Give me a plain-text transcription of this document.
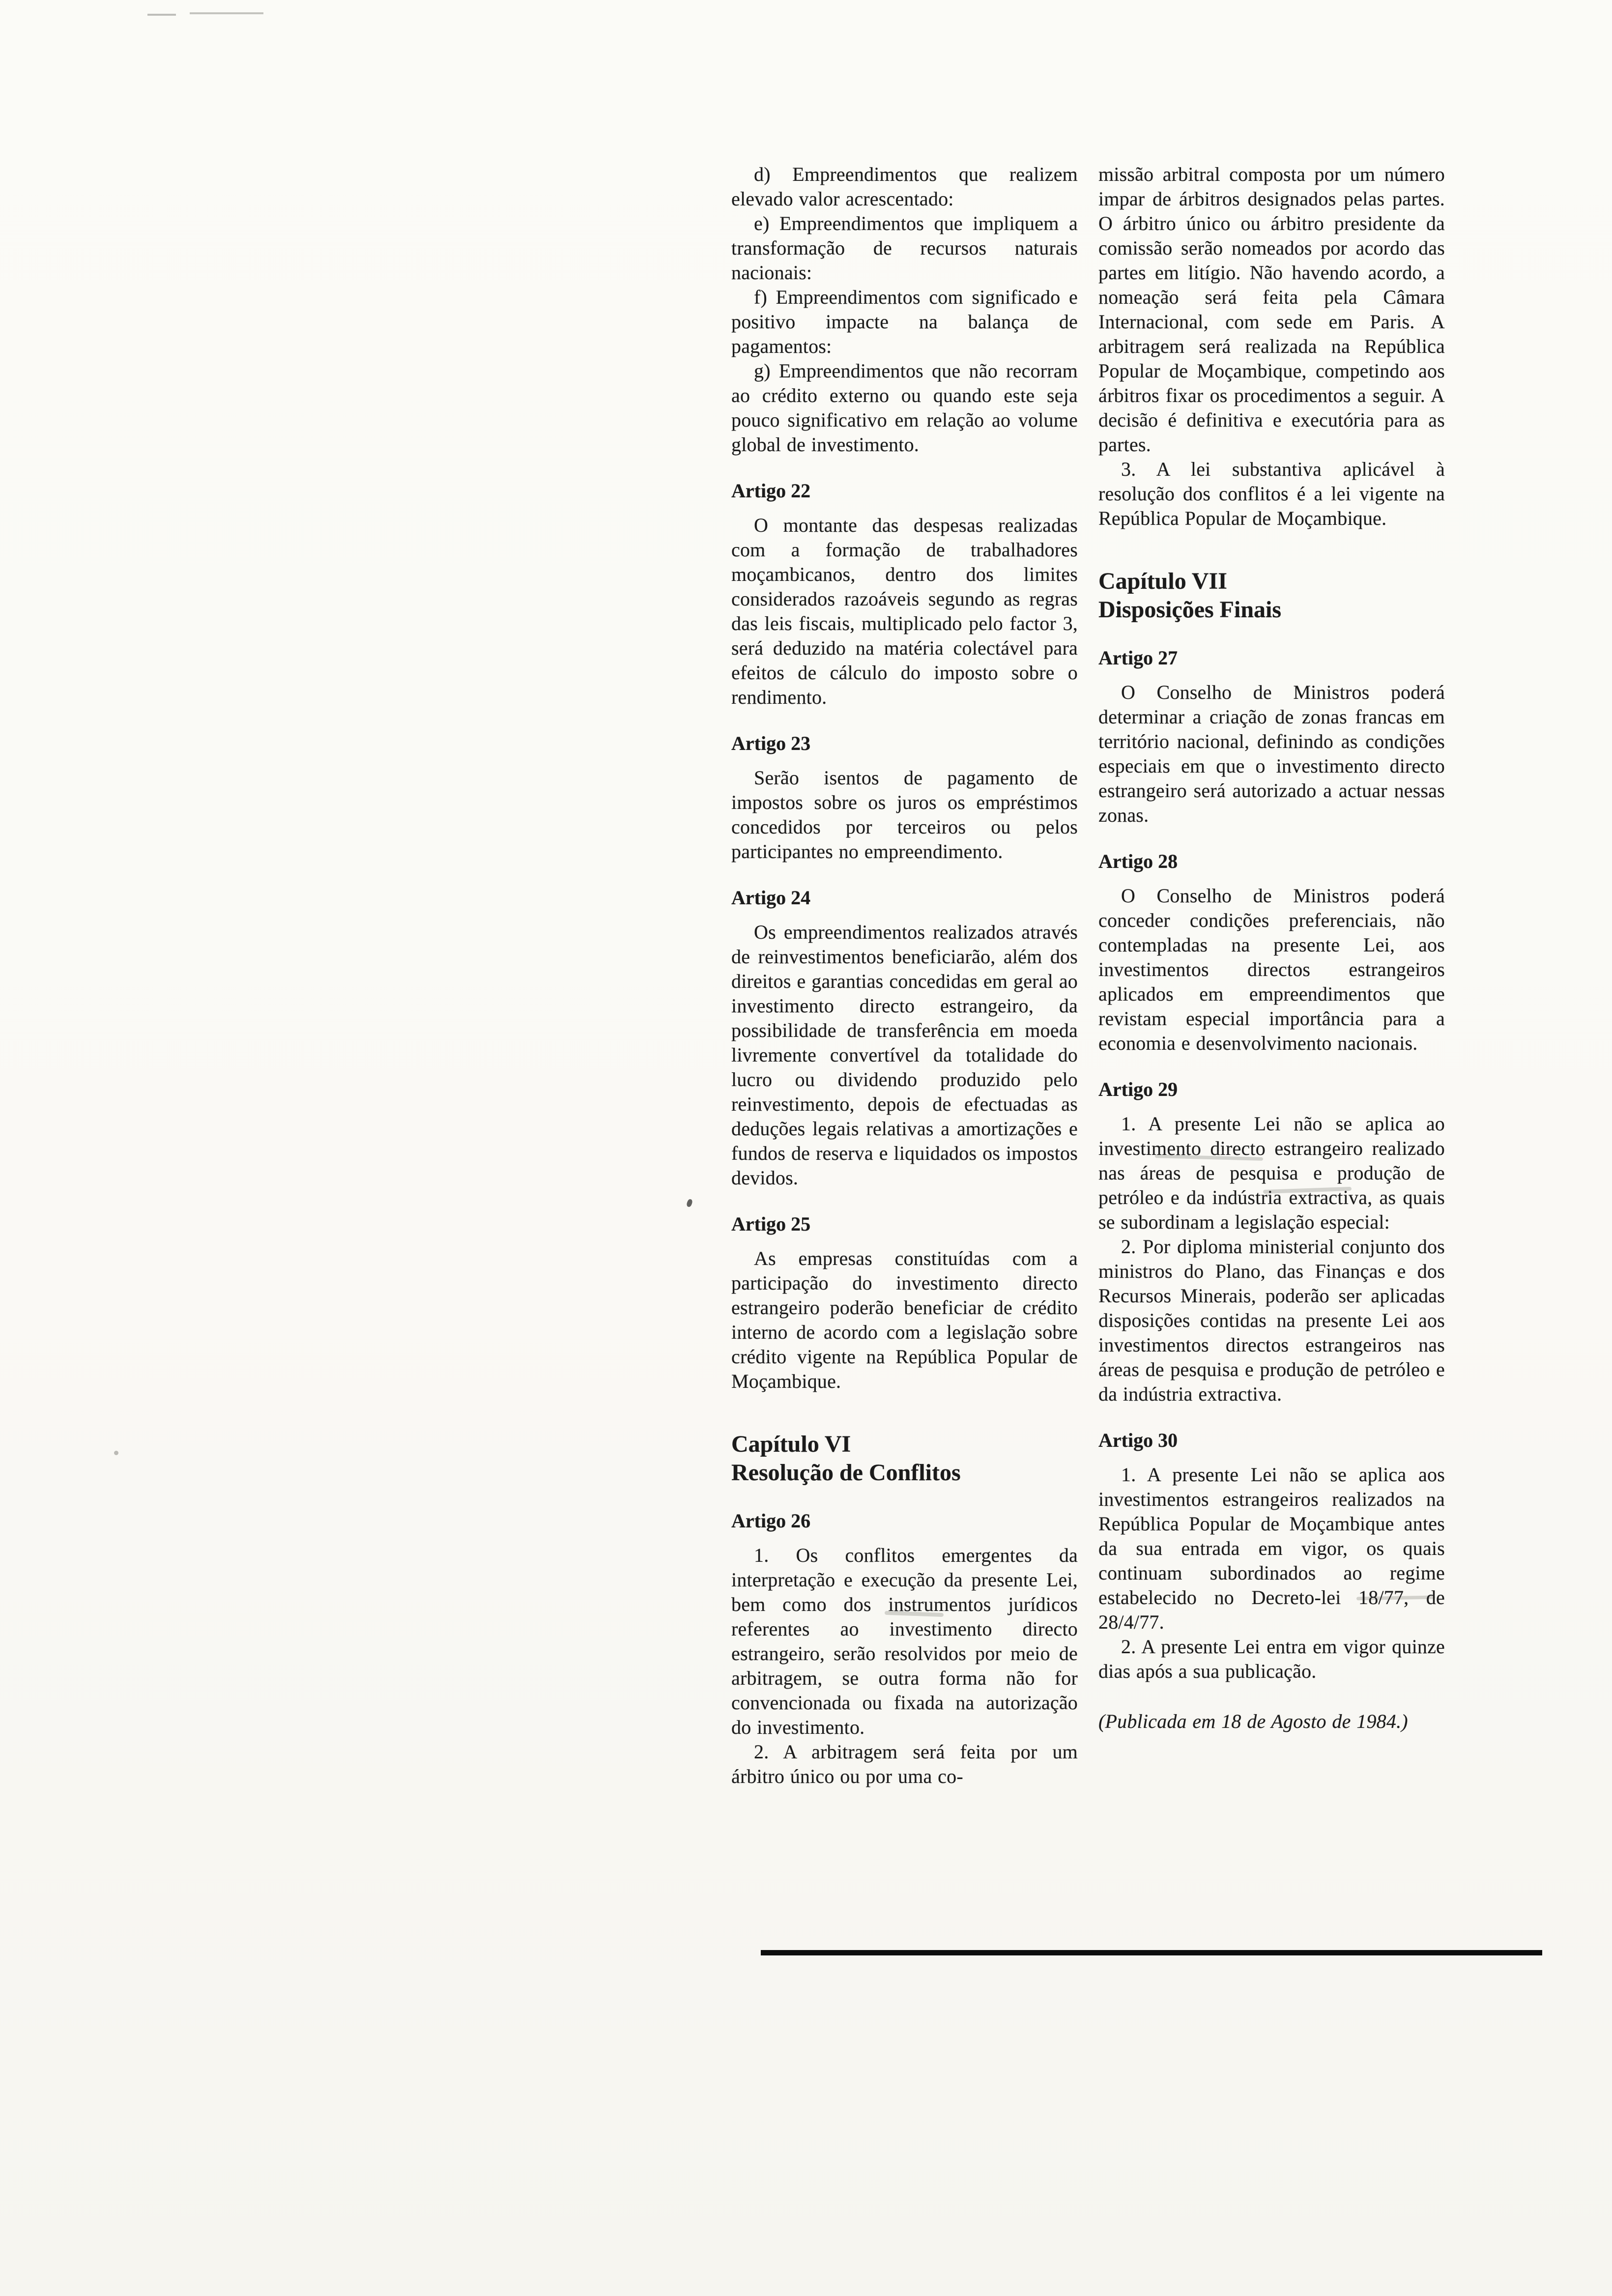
d) Empreendimentos que realizem elevado valor acrescentado:

e) Empreendimentos que impliquem a transformação de recursos naturais nacionais:

f) Empreendimentos com significado e positivo impacte na balança de pagamentos:

g) Empreendimentos que não recorram ao crédito externo ou quando este seja pouco significativo em relação ao volume global de investimento.

Artigo 22

O montante das despesas realizadas com a formação de trabalhadores moçambicanos, dentro dos limites considerados razoáveis segundo as regras das leis fiscais, multiplicado pelo factor 3, será deduzido na matéria colectável para efeitos de cálculo do imposto sobre o rendimento.

Artigo 23

Serão isentos de pagamento de impostos sobre os juros os empréstimos concedidos por terceiros ou pelos participantes no empreendimento.

Artigo 24

Os empreendimentos realizados através de reinvestimentos beneficiarão, além dos direitos e garantias concedidas em geral ao investimento directo estrangeiro, da possibilidade de transferência em moeda livremente convertível da totalidade do lucro ou dividendo produzido pelo reinvestimento, depois de efectuadas as deduções legais relativas a amortizações e fundos de reserva e liquidados os impostos devidos.

Artigo 25

As empresas constituídas com a participação do investimento directo estrangeiro poderão beneficiar de crédito interno de acordo com a legislação sobre crédito vigente na República Popular de Moçambique.

Capítulo VI
Resolução de Conflitos
Artigo 26

1. Os conflitos emergentes da interpretação e execução da presente Lei, bem como dos instrumentos jurídicos referentes ao investimento directo estrangeiro, serão resolvidos por meio de arbitragem, se outra forma não for convencionada ou fixada na autorização do investimento.

2. A arbitragem será feita por um árbitro único ou por uma co-

missão arbitral composta por um número impar de árbitros designados pelas partes. O árbitro único ou árbitro presidente da comissão serão nomeados por acordo das partes em litígio. Não havendo acordo, a nomeação será feita pela Câmara Internacional, com sede em Paris. A arbitragem será realizada na República Popular de Moçambique, competindo aos árbitros fixar os procedimentos a seguir. A decisão é definitiva e executória para as partes.

3. A lei substantiva aplicável à resolução dos conflitos é a lei vigente na República Popular de Moçambique.

Capítulo VII
Disposições Finais
Artigo 27

O Conselho de Ministros poderá determinar a criação de zonas francas em território nacional, definindo as condições especiais em que o investimento directo estrangeiro será autorizado a actuar nessas zonas.

Artigo 28

O Conselho de Ministros poderá conceder condições preferenciais, não contempladas na presente Lei, aos investimentos directos estrangeiros aplicados em empreendimentos que revistam especial importância para a economia e desenvolvimento nacionais.

Artigo 29

1. A presente Lei não se aplica ao investimento directo estrangeiro realizado nas áreas de pesquisa e produção de petróleo e da indústria extractiva, as quais se subordinam a legislação especial:

2. Por diploma ministerial conjunto dos ministros do Plano, das Finanças e dos Recursos Minerais, poderão ser aplicadas disposições contidas na presente Lei aos investimentos directos estrangeiros nas áreas de pesquisa e produção de petróleo e da indústria extractiva.

Artigo 30

1. A presente Lei não se aplica aos investimentos estrangeiros realizados na República Popular de Moçambique antes da sua entrada em vigor, os quais continuam subordinados ao regime estabelecido no Decreto-lei 18/77, de 28/4/77.

2. A presente Lei entra em vigor quinze dias após a sua publicação.

(Publicada em 18 de Agosto de 1984.)
